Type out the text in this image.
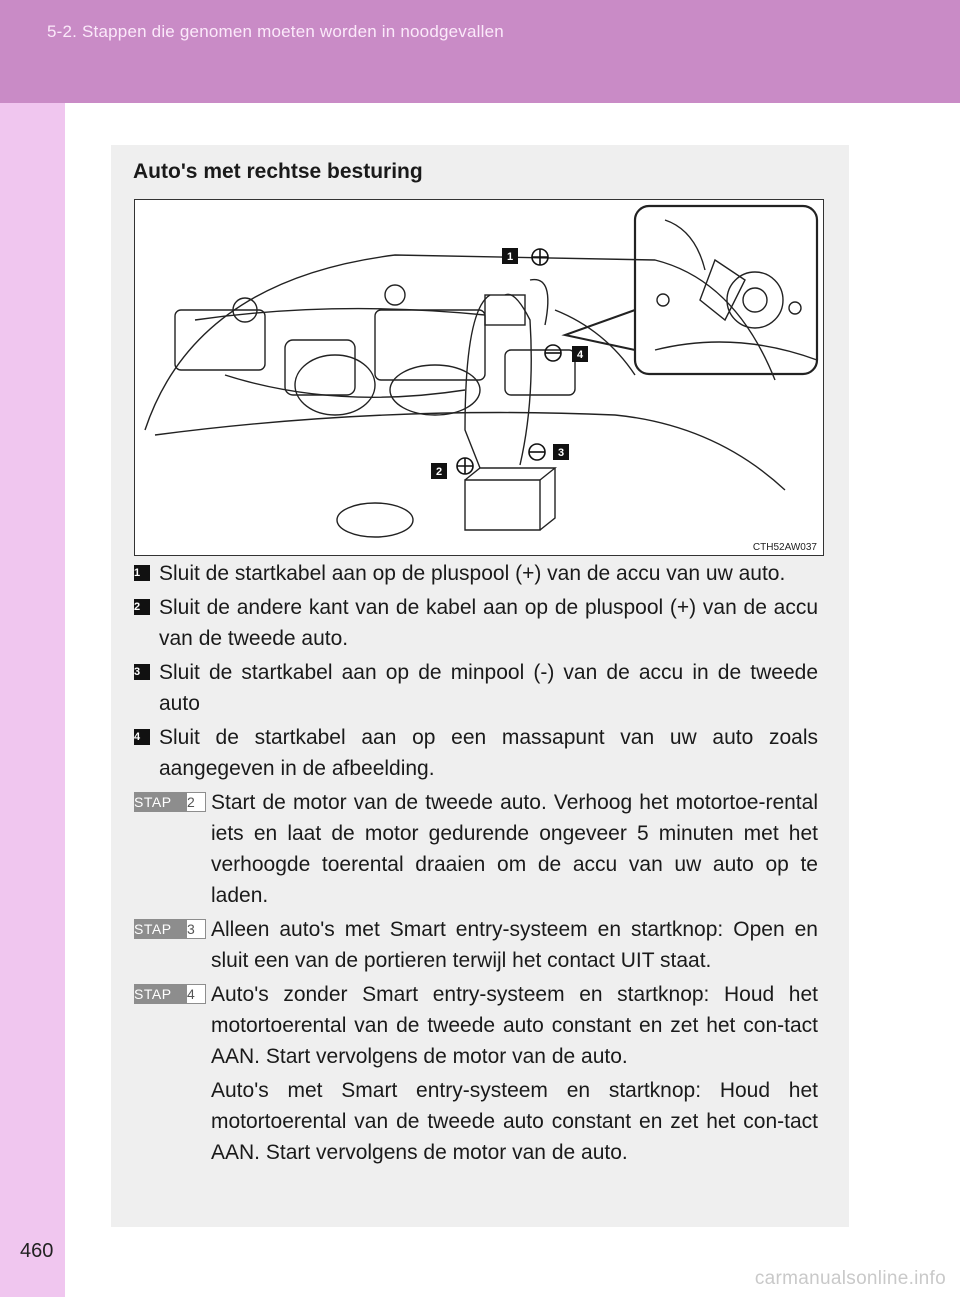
5-2. Stappen die genomen moeten worden in noodgevallen
460
Auto's met rechtse besturing
1
2
3
4
CTH52AW037
1 Sluit de startkabel aan op de pluspool (+) van de accu van uw auto.
2 Sluit de andere kant van de kabel aan op de pluspool (+) van de accu van de tweede auto.
3 Sluit de startkabel aan op de minpool (-) van de accu in de tweede auto
4 Sluit de startkabel aan op een massapunt van uw auto zoals aangegeven in de afbeelding.
STAP	2 Start de motor van de tweede auto. Verhoog het motortoe-rental iets en laat de motor gedurende ongeveer 5 minuten met het verhoogde toerental draaien om de accu van uw auto op te laden.
STAP	3 Alleen auto's met Smart entry-systeem en startknop: Open en sluit een van de portieren terwijl het contact UIT staat.
STAP	4 Auto's zonder Smart entry-systeem en startknop: Houd het motortoerental van de tweede auto constant en zet het con-tact AAN. Start vervolgens de motor van de auto.
Auto's met Smart entry-systeem en startknop: Houd het motortoerental van de tweede auto constant en zet het con-tact AAN. Start vervolgens de motor van de auto.
carmanualsonline.info
